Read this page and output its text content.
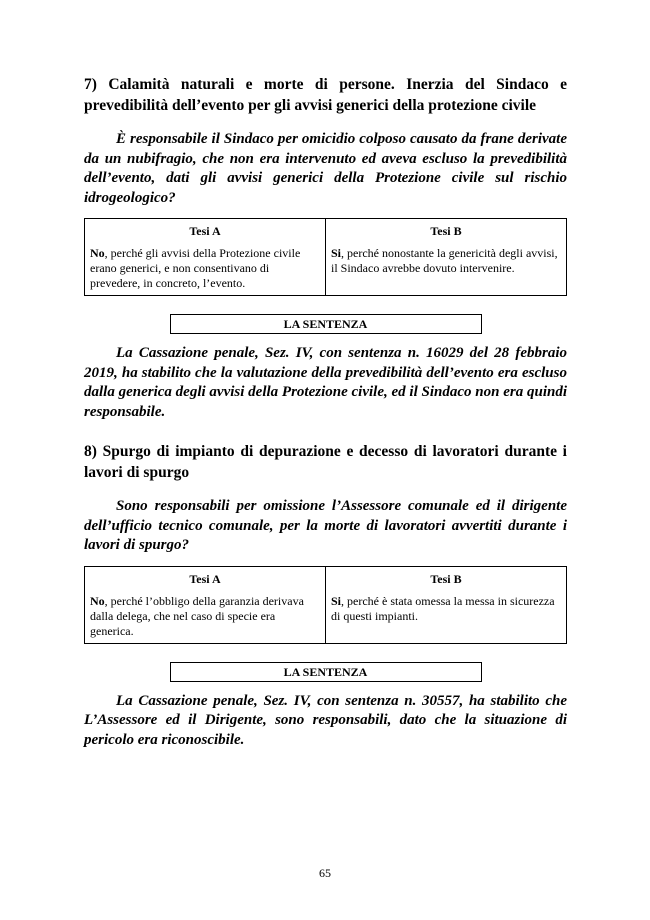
7) Calamità naturali e morte di persone. Inerzia del Sindaco e prevedibilità dell’evento per gli avvisi generici della protezione civile

È responsabile il Sindaco per omicidio colposo causato da frane derivate da un nubifragio, che non era intervenuto ed aveva escluso la prevedibilità dell’evento, dati gli avvisi generici della Protezione civile sul rischio idrogeologico?

Tesi A	Tesi B
No, perché gli avvisi della Protezione civile erano generici, e non consentivano di prevedere, in concreto, l’evento.	Si, perché nonostante la genericità degli avvisi, il Sindaco avrebbe dovuto intervenire.
LA SENTENZA

La Cassazione penale, Sez. IV, con sentenza n. 16029 del 28 febbraio 2019, ha stabilito che la valutazione della prevedibilità dell’evento era escluso dalla generica degli avvisi della Protezione civile, ed il Sindaco non era quindi responsabile.

8) Spurgo di impianto di depurazione e decesso di lavoratori durante i lavori di spurgo

Sono responsabili per omissione l’Assessore comunale ed il dirigente dell’ufficio tecnico comunale, per la morte di lavoratori avvertiti durante i lavori di spurgo?

Tesi A	Tesi B
No, perché l’obbligo della garanzia derivava dalla delega, che nel caso di specie era generica.	Si, perché è stata omessa la messa in sicurezza di questi impianti.
LA SENTENZA

La Cassazione penale, Sez. IV, con sentenza n. 30557, ha stabilito che L’Assessore ed il Dirigente, sono responsabili, dato che la situazione di pericolo era riconoscibile.

65
